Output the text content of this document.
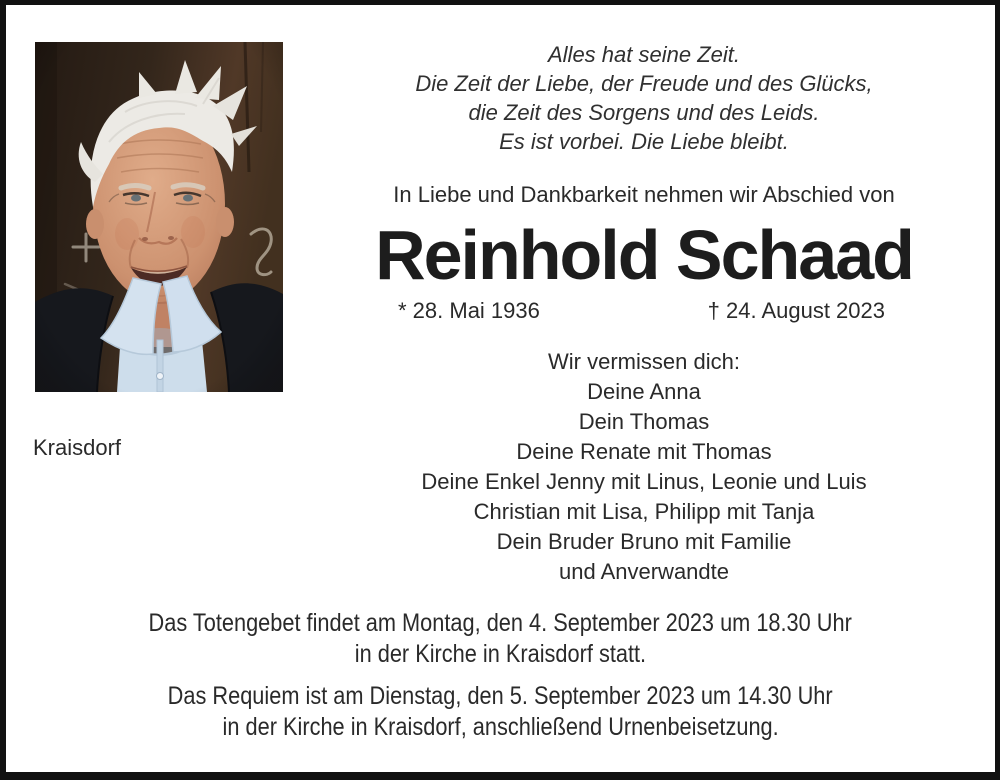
Kraisdorf
Alles hat seine Zeit.
Die Zeit der Liebe, der Freude und des Glücks,
die Zeit des Sorgens und des Leids.
Es ist vorbei. Die Liebe bleibt.
In Liebe und Dankbarkeit nehmen wir Abschied von
Reinhold Schaad
* 28. Mai 1936	† 24. August 2023
Wir vermissen dich:
Deine Anna
Dein Thomas
Deine Renate mit Thomas
Deine Enkel Jenny mit Linus, Leonie und Luis
Christian mit Lisa, Philipp mit Tanja
Dein Bruder Bruno mit Familie
und Anverwandte
Das Totengebet findet am Montag, den 4. September 2023 um 18.30 Uhr
in der Kirche in Kraisdorf statt.
Das Requiem ist am Dienstag, den 5. September 2023 um 14.30 Uhr
in der Kirche in Kraisdorf, anschließend Urnenbeisetzung.
